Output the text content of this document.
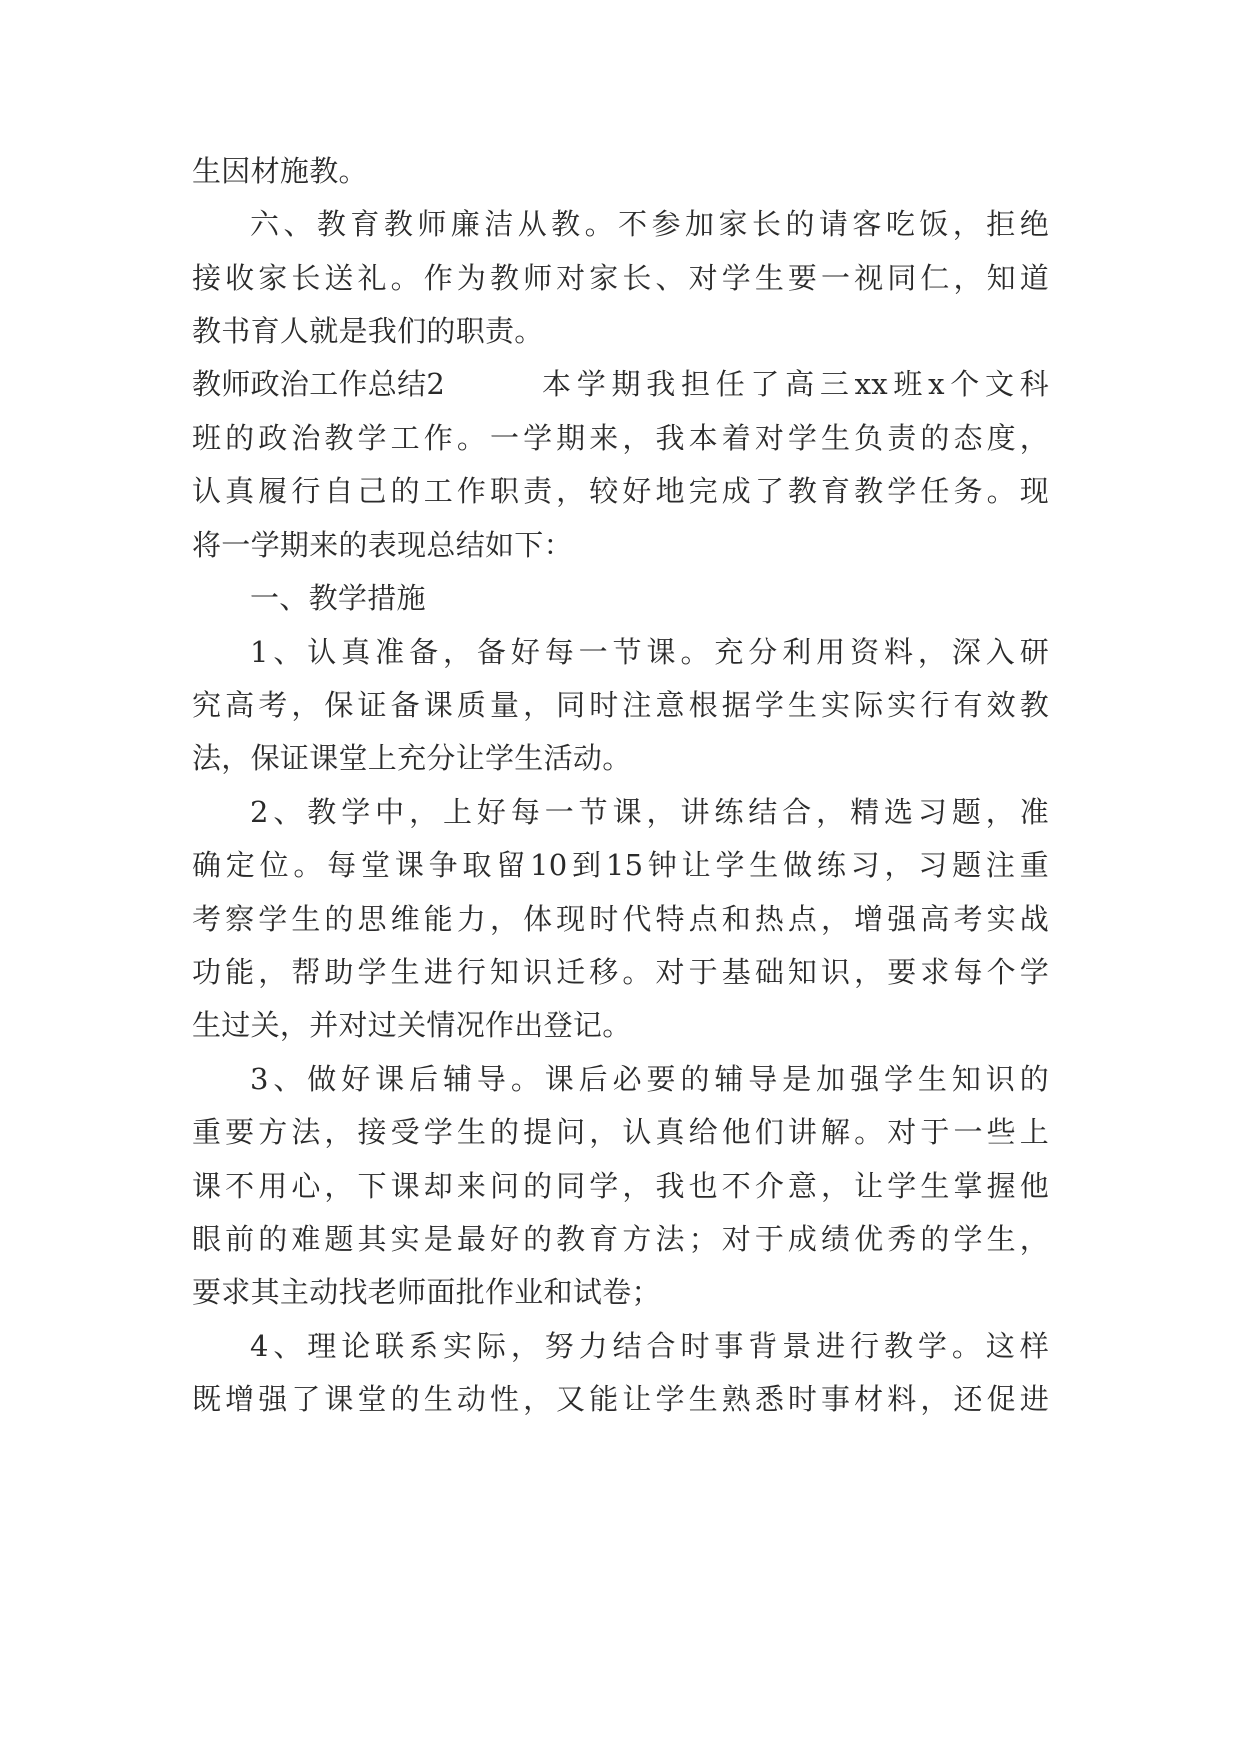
生因材施教。
六、教育教师廉洁从教。不参加家长的请客吃饭，拒绝
接收家长送礼。作为教师对家长、对学生要一视同仁，知道
教书育人就是我们的职责。
教师政治工作总结2	本学期我担任了高三xx班x个文科
班的政治教学工作。一学期来，我本着对学生负责的态度，
认真履行自己的工作职责，较好地完成了教育教学任务。现
将一学期来的表现总结如下：
一、教学措施
1、认真准备，备好每一节课。充分利用资料，深入研
究高考，保证备课质量，同时注意根据学生实际实行有效教
法，保证课堂上充分让学生活动。
2、教学中，上好每一节课，讲练结合，精选习题，准
确定位。每堂课争取留10到15钟让学生做练习，习题注重
考察学生的思维能力，体现时代特点和热点，增强高考实战
功能，帮助学生进行知识迁移。对于基础知识，要求每个学
生过关，并对过关情况作出登记。
3、做好课后辅导。课后必要的辅导是加强学生知识的
重要方法，接受学生的提问，认真给他们讲解。对于一些上
课不用心，下课却来问的同学，我也不介意，让学生掌握他
眼前的难题其实是最好的教育方法；对于成绩优秀的学生，
要求其主动找老师面批作业和试卷；
4、理论联系实际，努力结合时事背景进行教学。这样
既增强了课堂的生动性，又能让学生熟悉时事材料，还促进
